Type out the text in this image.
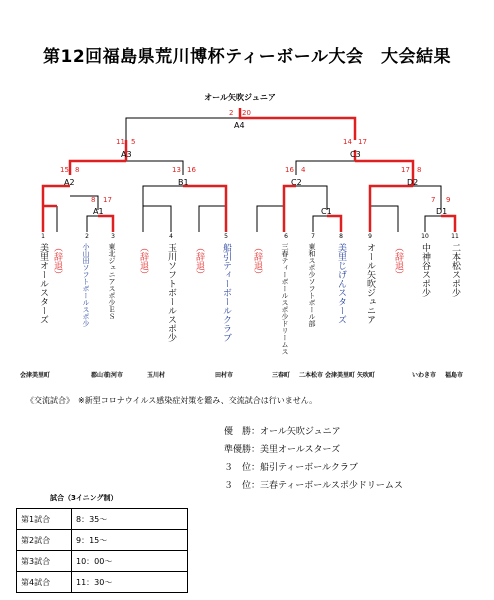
第12回福島県荒川博杯ティーボール大会　大会結果
オール矢吹ジュニア
A4
A3	C3
A2	B1	C2	D2
A1	C1	D1
2 20
11 5	14 17
15 8	13 16	16 4	17 8
8 17	7 9
1
美里オールスターズ （辞退）
2
小山田ソフトボールスポ少
3
東北ジュニアスポ少ＥＳ （辞退）
4
玉川ソフトボールスポ少 （辞退）
5
船引ティーボールクラブ （辞退）
6
三春ティーボールスポ少ドリームス
7
東和スポ少ソフトボール部
8
美里じげんスターズ
9
オール矢吹ジュニア （辞退）
10
中神谷スポ少
11
二本松スポ少
会津美里町	郡山市
白河市	玉川村	田村市	三春町 二本松市 会津美里町 矢吹町	いわき市 福島市
《交流試合》　※新型コロナウイルス感染症対策を鑑み、交流試合は行いません。
優　勝：オール矢吹ジュニア
準優勝：美里オールスターズ
３　位：船引ティーボールクラブ
３　位：三春ティーボールスポ少ドリームス
試合（3イニング制）
第1試合	8：35～
第2試合	9：15～
第3試合	10：00～
第4試合	11：30～
